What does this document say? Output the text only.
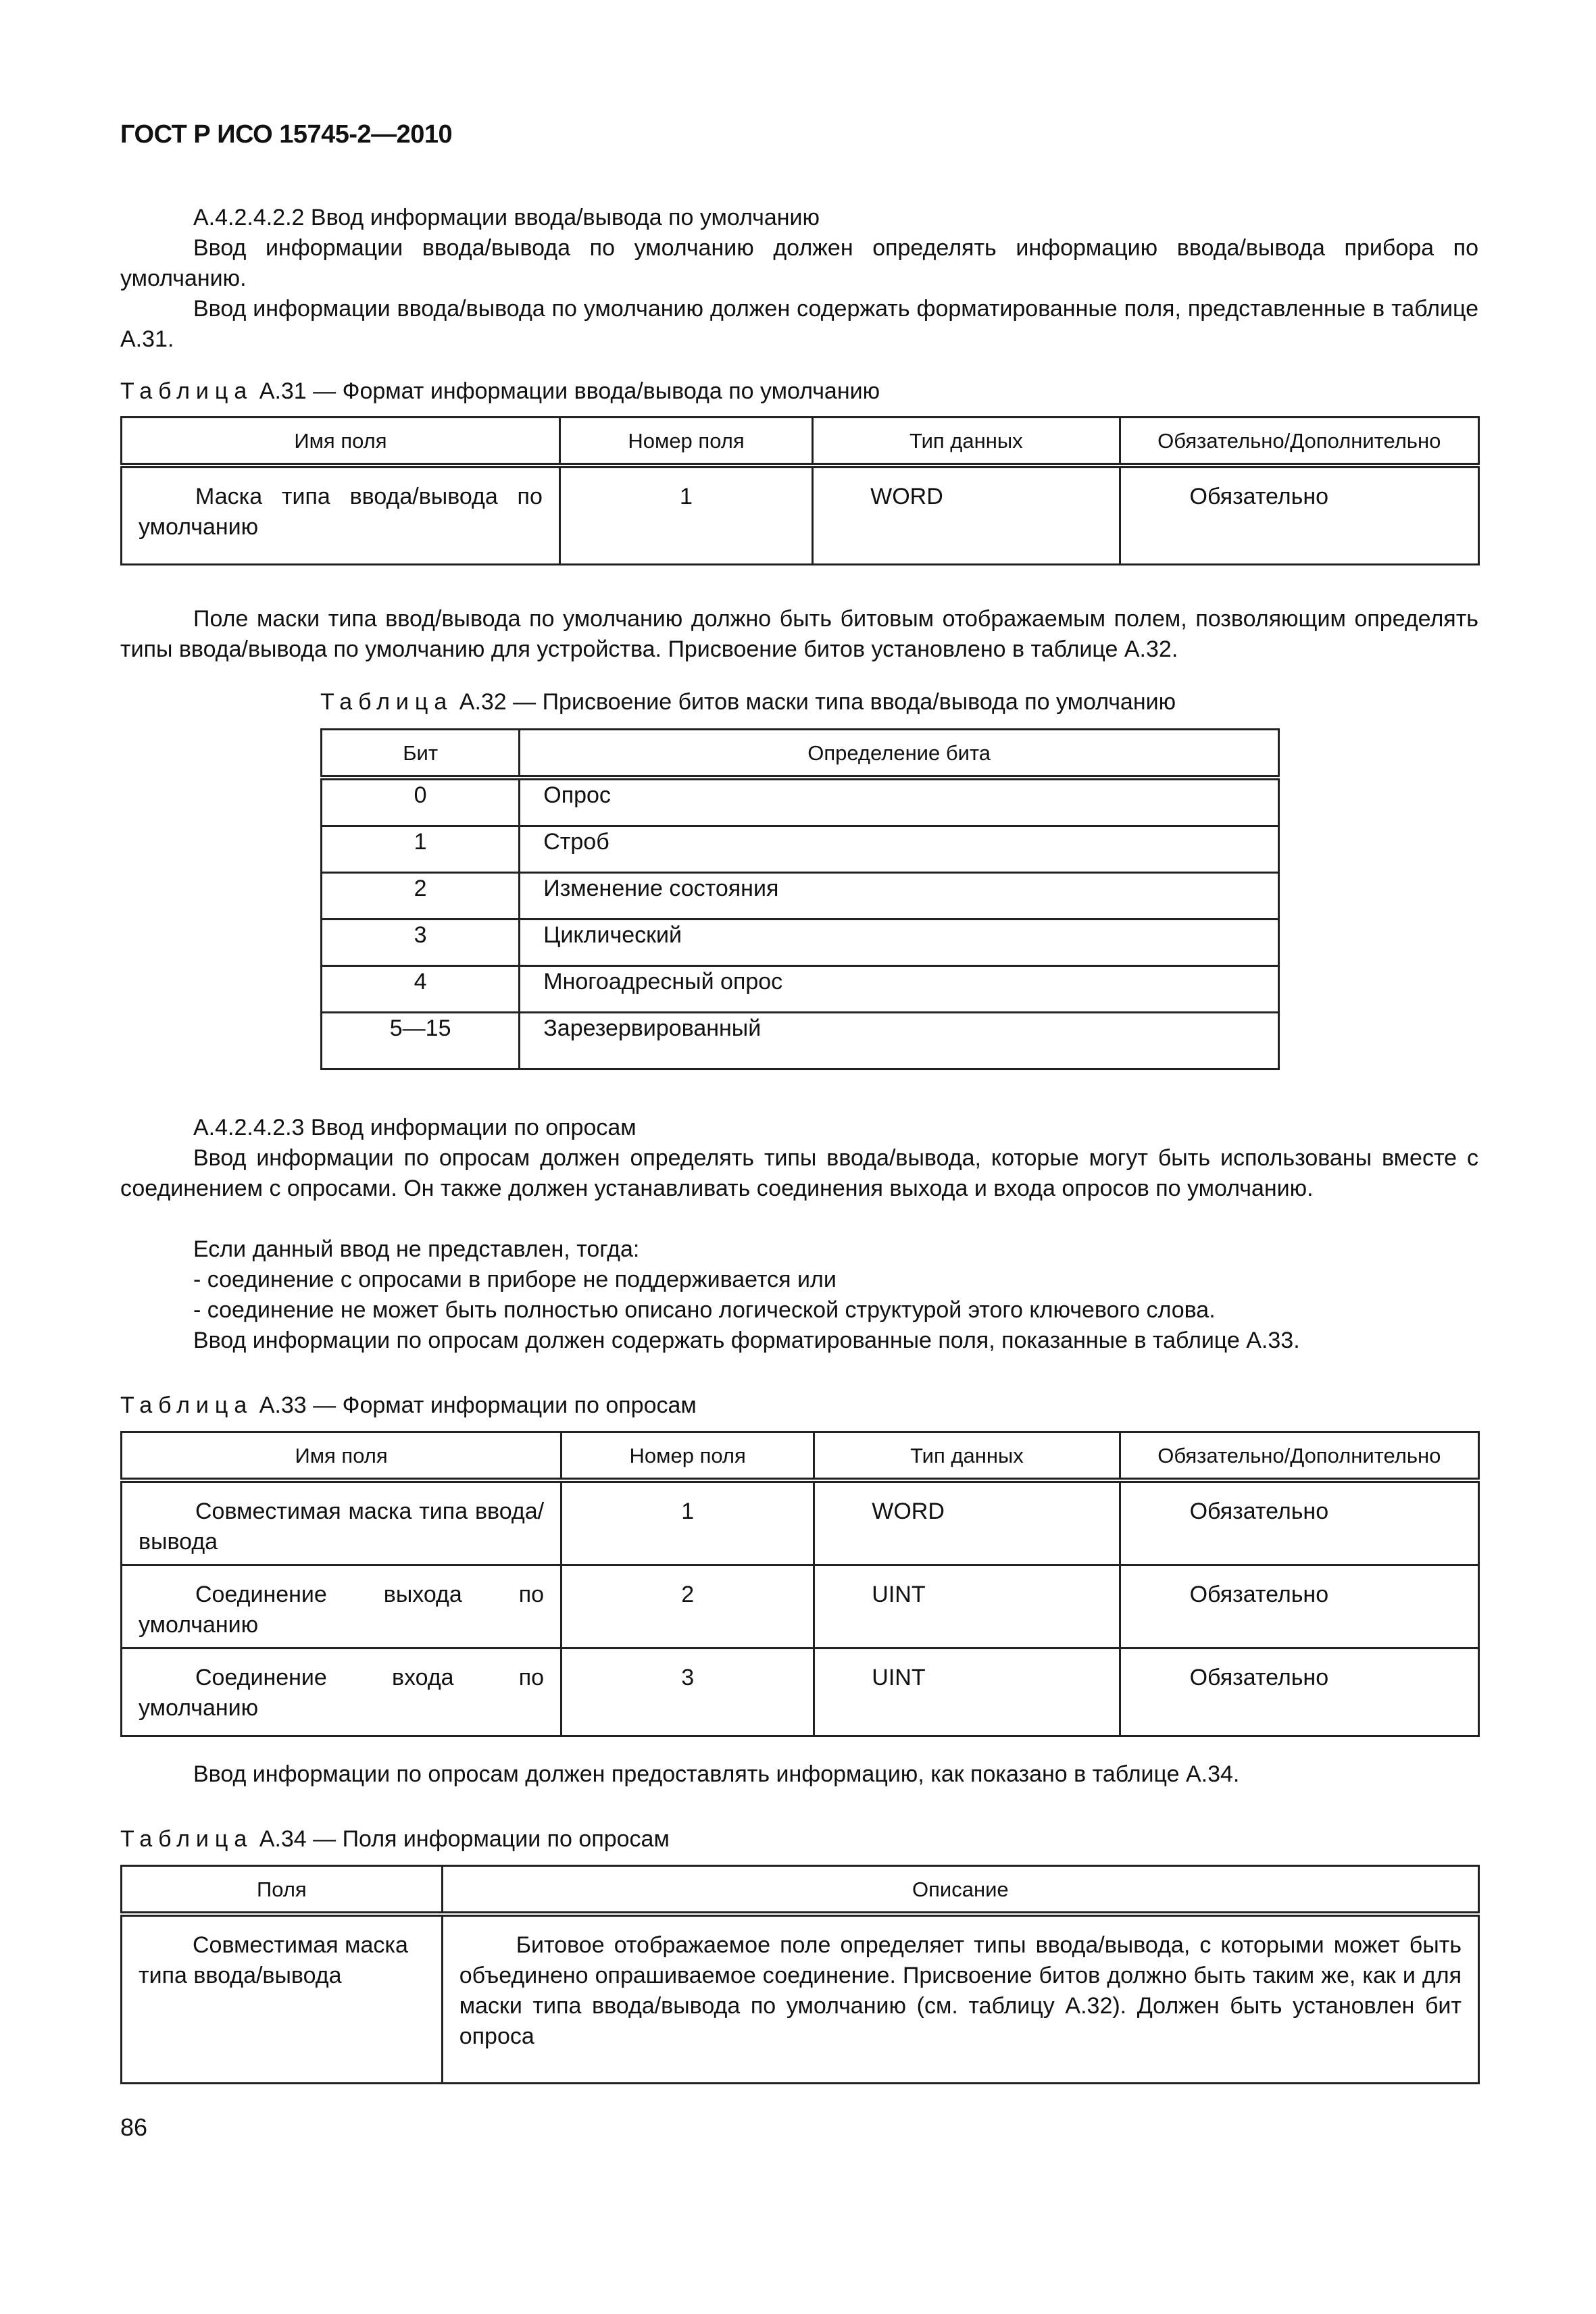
ГОСТ Р ИСО 15745-2—2010

А.4.2.4.2.2 Ввод информации ввода/вывода по умолчанию

Ввод информации ввода/вывода по умолчанию должен определять информацию ввода/вывода прибора по умолчанию.

Ввод информации ввода/вывода по умолчанию должен содержать форматированные поля, представленные в таблице А.31.

Таблица А.31 — Формат информации ввода/вывода по умолчанию
Имя поля	Номер поля	Тип данных	Обязательно/Дополнительно

Маска типа ввода/вывода по умолчанию	1	WORD	Обязательно

Поле маски типа ввод/вывода по умолчанию должно быть битовым отображаемым полем, позволяющим определять типы ввода/вывода по умолчанию для устройства. Присвоение битов установлено в таблице А.32.

Таблица А.32 — Присвоение битов маски типа ввода/вывода по умолчанию
Бит	Определение бита
0	Опрос

1	Строб

2	Изменение состояния

3	Циклический

4	Многоадресный опрос

5—15	Зарезервированный

А.4.2.4.2.3 Ввод информации по опросам

Ввод информации по опросам должен определять типы ввода/вывода, которые могут быть использованы вместе с соединением с опросами. Он также должен устанавливать соединения выхода и входа опросов по умолчанию.

Если данный ввод не представлен, тогда:

- соединение с опросами в приборе не поддерживается или

- соединение не может быть полностью описано логической структурой этого ключевого слова.

Ввод информации по опросам должен содержать форматированные поля, показанные в таблице А.33.

Таблица А.33 — Формат информации по опросам
Имя поля	Номер поля	Тип данных	Обязательно/Дополнительно

Совместимая маска типа ввода/вывода	1	WORD	Обязательно

Соединение выхода по умолчанию	2	UINT	Обязательно

Соединение входа по умолчанию	3	UINT	Обязательно

Ввод информации по опросам должен предоставлять информацию, как показано в таблице А.34.

Таблица А.34 — Поля информации по опросам
Поля	Описание

Совместимая маска типа ввода/вывода	Битовое отображаемое поле определяет типы ввода/вывода, с которыми может быть объединено опрашиваемое соединение. Присвоение битов должно быть таким же, как и для маски типа ввода/вывода по умолчанию (см. таблицу А.32). Должен быть установлен бит опроса
86
